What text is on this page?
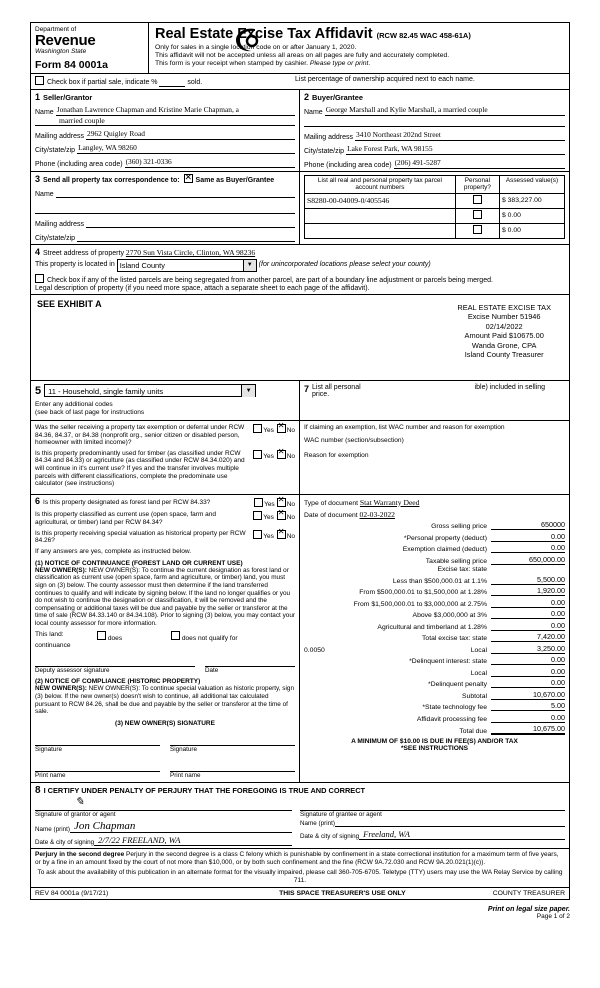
Department of
Revenue
Washington State
Form 84 0001a
Real Estate Excise Tax Affidavit (RCW 82.45 WAC 458-61A)
Only for sales in a single location code on or after January 1, 2020.
This affidavit will not be accepted unless all areas on all pages are fully and accurately completed.
This form is your receipt when stamped by cashier. Please type or print.
Check box if partial sale, indicate %	sold.	List percentage of ownership acquired next to each name.
1 Seller/Grantor
Name Jonathan Lawrence Chapman and Kristine Marie Chapman, a
married couple
Mailing address 2962 Quigley Road
City/state/zip Langley, WA 98260
Phone (including area code) (360) 321-0336
2 Buyer/Grantee
Name George Marshall and Kylie Marshall, a married couple
Mailing address 3410 Northeast 202nd Street
City/state/zip Lake Forest Park, WA 98155
Phone (including area code) (206) 491-5287
3 Send all property tax correspondence to: ✕ Same as Buyer/Grantee
Name
Mailing address
City/state/zip
List all real and personal property tax parcel account numbers	Personal property?	Assessed value(s)
S8280-00-04009-0/405546		$ 383,227.00
		$ 0.00
		$ 0.00
4 Street address of property 2770 Sun Vista Circle, Clinton, WA 98236
This property is located in Island County	▼ (for unincorporated locations please select your county)
Check box if any of the listed parcels are being segregated from another parcel, are part of a boundary line adjustment or parcels being merged.
Legal description of property (if you need more space, attach a separate sheet to each page of the affidavit).
SEE EXHIBIT A	REAL ESTATE EXCISE TAX
Excise Number 51946
02/14/2022
Amount Paid $10675.00
Wanda Grone, CPA
Island County Treasurer
5 11 - Household, single family units	▼
Enter any additional codes
(see back of last page for instructions
7 List all personal	ible) included in selling
price.
Was the seller receiving a property tax exemption or deferral under RCW 84.36, 84.37, or 84.38 (nonprofit org., senior citizen or disabled person, homeowner with limited income)?
Yes
✕
No
Is this property predominantly used for timber (as classified under RCW 84.34 and 84.33) or agriculture (as classified under RCW 84.34.020) and will continue in it's current use? If yes and the transfer involves multiple parcels with different classifications, complete the predominate use calculator (see instructions)
Yes
✕
No
If claiming an exemption, list WAC number and reason for exemption
WAC number (section/subsection)
Reason for exemption
6 Is this property designated as forest land per RCW 84.33?	Yes
✕
No
Is this property classified as current use (open space, farm and agricultural, or timber) land per RCW 84.34?
Yes
✕
No
Is this property receiving special valuation as historical property per RCW 84.26?
Yes
✕
No
If any answers are yes, complete as instructed below.
(1) NOTICE OF CONTINUANCE (FOREST LAND OR CURRENT USE)
NEW OWNER(S): NEW OWNER(S): To continue the current designation as forest land or classification as current use (open space, farm and agriculture, or timber) land, you must sign on (3) below. The county assessor must then determine if the land transferred continues to qualify and will indicate by signing below. If the land no longer qualifies or you do not wish to continue the designation or classification, it will be removed and the compensating or additional taxes will be due and payable by the seller or transferor at the time of sale (RCW 84.33.140 or 84.34.108). Prior to signing (3) below, you may contact your local county assessor for more information.
This land:
does	does not qualify for
continuance
Deputy assessor signature	Date
(2) NOTICE OF COMPLIANCE (HISTORIC PROPERTY)
NEW OWNER(S): NEW OWNER(S): To continue special valuation as historic property, sign (3) below. If the new owner(s) doesn't wish to continue, all additional tax calculated pursuant to RCW 84.26, shall be due and payable by the seller or transferor at the time of sale.
(3) NEW OWNER(S) SIGNATURE
Signature	Signature
Print name	Print name
Type of document Stat Warranty Deed
Date of document 02-03-2022
Gross selling price	650000
*Personal property (deduct)	0.00
Exemption claimed (deduct)	0.00
Taxable selling price	650,000.00
Excise tax: state
Less than $500,000.01 at 1.1%	5,500.00
From $500,000.01 to $1,500,000 at 1.28%	1,920.00
From $1,500,000.01 to $3,000,000 at 2.75%	0.00
Above $3,000,000 at 3%	0.00
Agricultural and timberland at 1.28%	0.00
Total excise tax: state	7,420.00
0.0050	Local	3,250.00
*Delinquent interest: state	0.00
Local	0.00
*Delinquent penalty	0.00
Subtotal	10,670.00
*State technology fee	5.00
Affidavit processing fee	0.00
Total due	10,675.00
A MINIMUM OF $10.00 IS DUE IN FEE(S) AND/OR TAX
*SEE INSTRUCTIONS
8 I CERTIFY UNDER PENALTY OF PERJURY THAT THE FOREGOING IS TRUE AND CORRECT
✎
Signature of grantor or agent
Name (print) Jon Chapman
Date & city of signing 2/7/22 FREELAND, WA
Signature of grantee or agent
Name (print)
Date & city of signing Freeland, WA
Perjury in the second degree Perjury in the second degree is a class C felony which is punishable by confinement in a state correctional institution for a maximum term of five years, or by a fine in an amount fixed by the court of not more than $10,000, or by both such confinement and the fine (RCW 9A.72.030 and RCW 9A.20.021(1)(c)).
To ask about the availability of this publication in an alternate format for the visually impaired, please call 360-705-6705. Teletype (TTY) users may use the WA Relay Service by calling 711.
REV 84 0001a (9/17/21)	THIS SPACE TREASURER'S USE ONLY	COUNTY TREASURER
Print on legal size paper.
Page 1 of 2
